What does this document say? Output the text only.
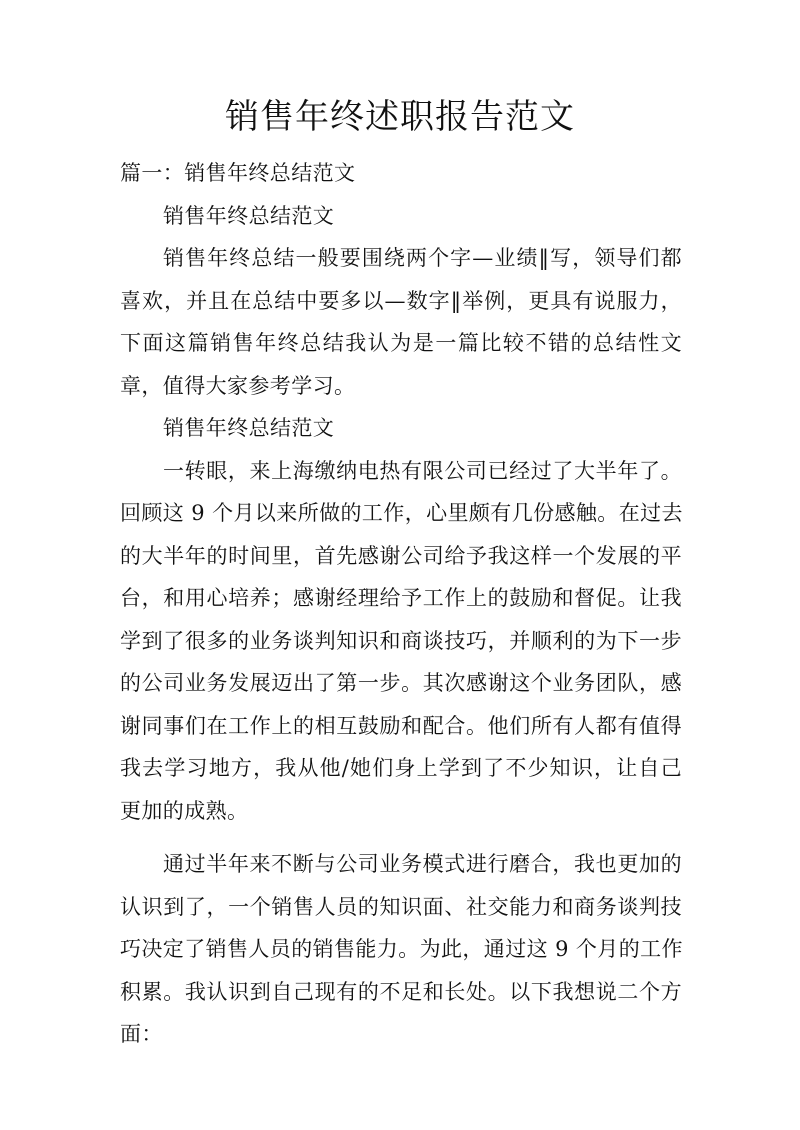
销售年终述职报告范文

篇一：销售年终总结范文

销售年终总结范文

销售年终总结一般要围绕两个字—业绩‖写，领导们都

喜欢，并且在总结中要多以—数字‖举例，更具有说服力，

下面这篇销售年终总结我认为是一篇比较不错的总结性文

章，值得大家参考学习。

销售年终总结范文

一转眼，来上海缴纳电热有限公司已经过了大半年了。

回顾这 9 个月以来所做的工作，心里颇有几份感触。在过去

的大半年的时间里，首先感谢公司给予我这样一个发展的平

台，和用心培养；感谢经理给予工作上的鼓励和督促。让我

学到了很多的业务谈判知识和商谈技巧，并顺利的为下一步

的公司业务发展迈出了第一步。其次感谢这个业务团队，感

谢同事们在工作上的相互鼓励和配合。他们所有人都有值得

我去学习地方，我从他/她们身上学到了不少知识，让自己

更加的成熟。

通过半年来不断与公司业务模式进行磨合，我也更加的

认识到了，一个销售人员的知识面、社交能力和商务谈判技

巧决定了销售人员的销售能力。为此，通过这 9 个月的工作

积累。我认识到自己现有的不足和长处。以下我想说二个方

面：
